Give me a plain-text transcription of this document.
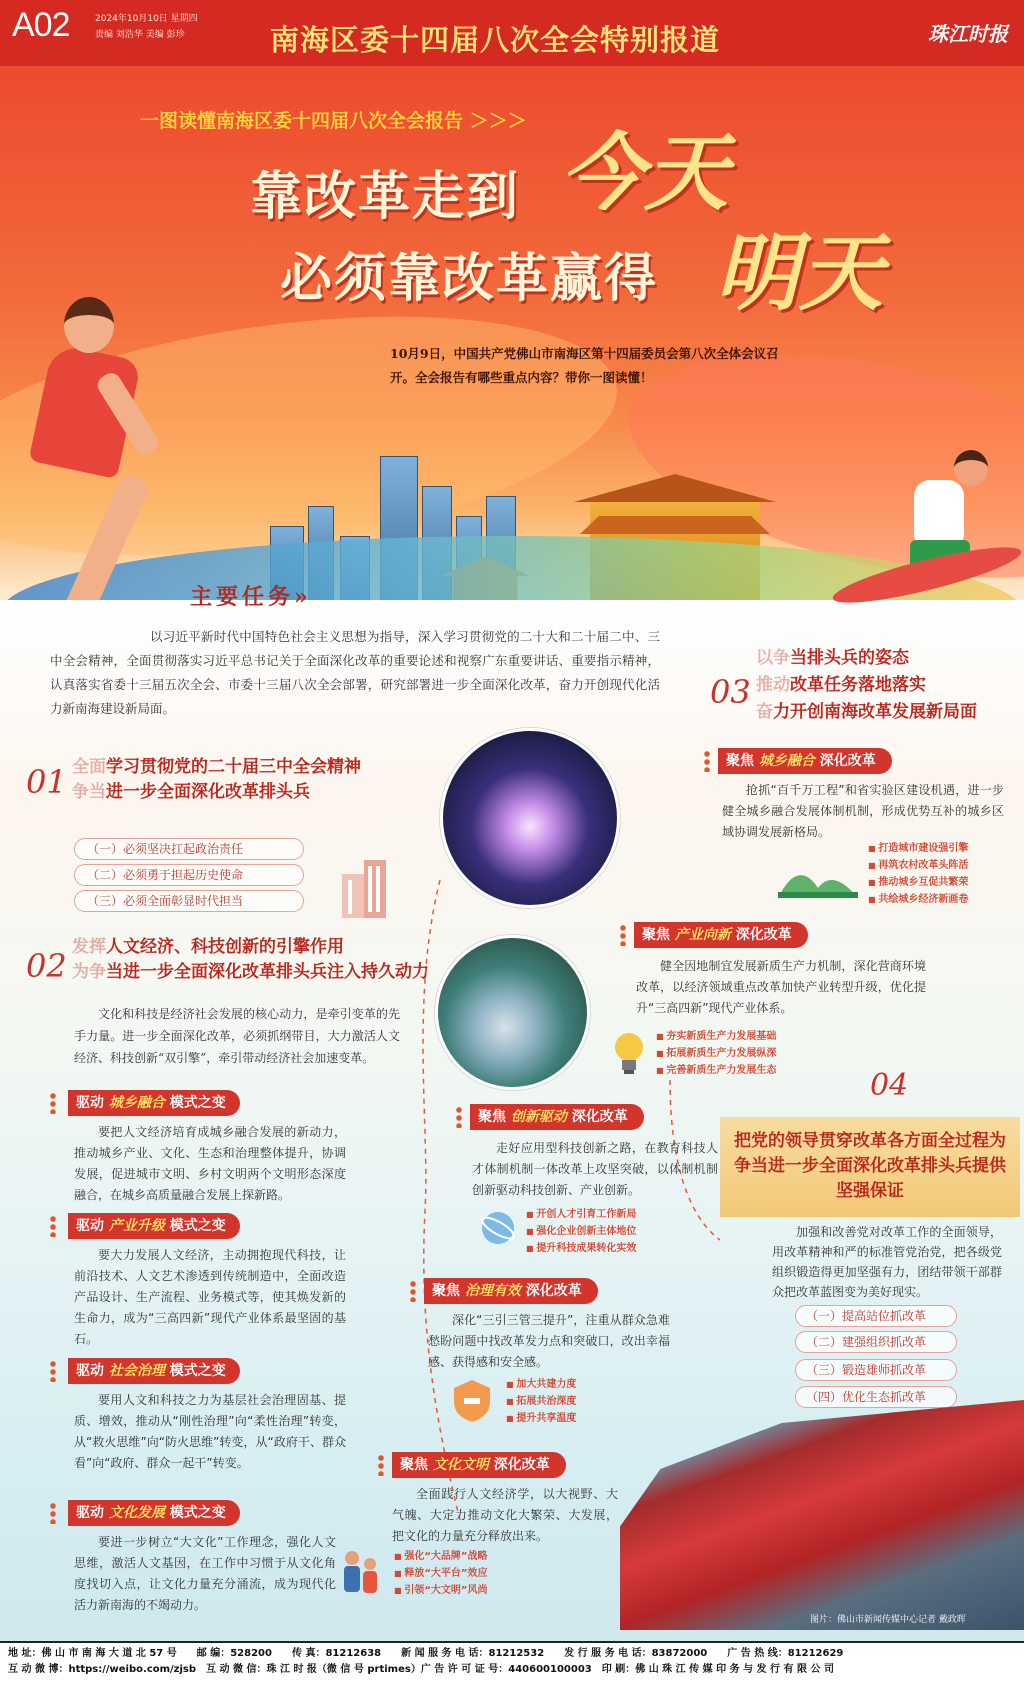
A02	2024年10月10日 星期四
责编 刘浩华 美编 彭珍	南海区委十四届八次全会特别报道	珠江时报
一图读懂南海区委十四届八次全会报告 ＞＞＞
靠改革走到 今天
必须靠改革赢得 明天
10月9日，中国共产党佛山市南海区第十四届委员会第八次全体会议召开。全会报告有哪些重点内容？带你一图读懂！
主要任务»
以习近平新时代中国特色社会主义思想为指导，深入学习贯彻党的二十大和二十届二中、三中全会精神，全面贯彻落实习近平总书记关于全面深化改革的重要论述和视察广东重要讲话、重要指示精神，认真落实省委十三届五次全会、市委十三届八次全会部署，研究部署进一步全面深化改革，奋力开创现代化活力新南海建设新局面。
01 全面学习贯彻党的二十届三中全会精神
争当进一步全面深化改革排头兵
（一）必须坚决扛起政治责任
（二）必须勇于担起历史使命
（三）必须全面彰显时代担当
02 发挥人文经济、科技创新的引擎作用
为争当进一步全面深化改革排头兵注入持久动力
文化和科技是经济社会发展的核心动力，是牵引变革的先手力量。进一步全面深化改革，必须抓纲带目，大力激活人文经济、科技创新“双引擎”，牵引带动经济社会加速变革。
驱动 城乡融合 模式之变
要把人文经济培育成城乡融合发展的新动力，推动城乡产业、文化、生态和治理整体提升，协调发展，促进城市文明、乡村文明两个文明形态深度融合，在城乡高质量融合发展上探新路。
驱动 产业升级 模式之变
要大力发展人文经济，主动拥抱现代科技，让前沿技术、人文艺术渗透到传统制造中，全面改造产品设计、生产流程、业务模式等，使其焕发新的生命力，成为“三高四新”现代产业体系最坚固的基石。
驱动 社会治理 模式之变
要用人文和科技之力为基层社会治理固基、提质、增效，推动从“刚性治理”向“柔性治理”转变，从“救火思维”向“防火思维”转变，从“政府干、群众看”向“政府、群众一起干”转变。
驱动 文化发展 模式之变
要进一步树立“大文化”工作理念，强化人文思维，激活人文基因，在工作中习惯于从文化角度找切入点，让文化力量充分涌流，成为现代化活力新南海的不竭动力。
03
以争当排头兵的姿态
推动改革任务落地落实
奋力开创南海改革发展新局面
聚焦 城乡融合 深化改革
抢抓“百千万工程”和省实验区建设机遇，进一步健全城乡融合发展体制机制，形成优势互补的城乡区域协调发展新格局。
■ 打造城市建设强引擎
■ 再筑农村改革头阵活
■ 推动城乡互促共繁荣
■ 共绘城乡经济新画卷
聚焦 产业向新 深化改革
健全因地制宜发展新质生产力机制，深化营商环境改革，以经济领域重点改革加快产业转型升级，优化提升“三高四新”现代产业体系。
■ 夯实新质生产力发展基础
■ 拓展新质生产力发展纵深
■ 完善新质生产力发展生态
聚焦 创新驱动 深化改革
走好应用型科技创新之路，在教育科技人才体制机制一体改革上攻坚突破，以体制机制创新驱动科技创新、产业创新。
■ 开创人才引育工作新局
■ 强化企业创新主体地位
■ 提升科技成果转化实效
聚焦 治理有效 深化改革
深化“三引三管三提升”，注重从群众急难愁盼问题中找改革发力点和突破口，改出幸福感、获得感和安全感。
■ 加大共建力度
■ 拓展共治深度
■ 提升共享温度
聚焦 文化文明 深化改革
全面践行人文经济学，以大视野、大气魄、大定力推动文化大繁荣、大发展，把文化的力量充分释放出来。
■ 强化“大品牌”战略
■ 释放“大平台”效应
■ 引领“大文明”风尚
04
把党的领导贯穿改革各方面全过程为争当进一步全面深化改革排头兵提供坚强保证
加强和改善党对改革工作的全面领导，用改革精神和严的标准管党治党，把各级党组织锻造得更加坚强有力，团结带领干部群众把改革蓝图变为美好现实。
（一）提高站位抓改革
（二）建强组织抓改革
（三）锻造雄师抓改革
（四）优化生态抓改革
图片：佛山市新闻传媒中心记者 戴政晖
地 址：佛 山 市 南 海 大 道 北 57 号　　邮 编：528200　　传 真：81212638　　新 闻 服 务 电 话：81212532　　发 行 服 务 电 话：83872000　　广 告 热 线：81212629
互 动 微 博：https://weibo.com/zjsb　互 动 微 信：珠 江 时 报（微 信 号 prtimes）广 告 许 可 证 号：440600100003　印 刷：佛 山 珠 江 传 媒 印 务 与 发 行 有 限 公 司
